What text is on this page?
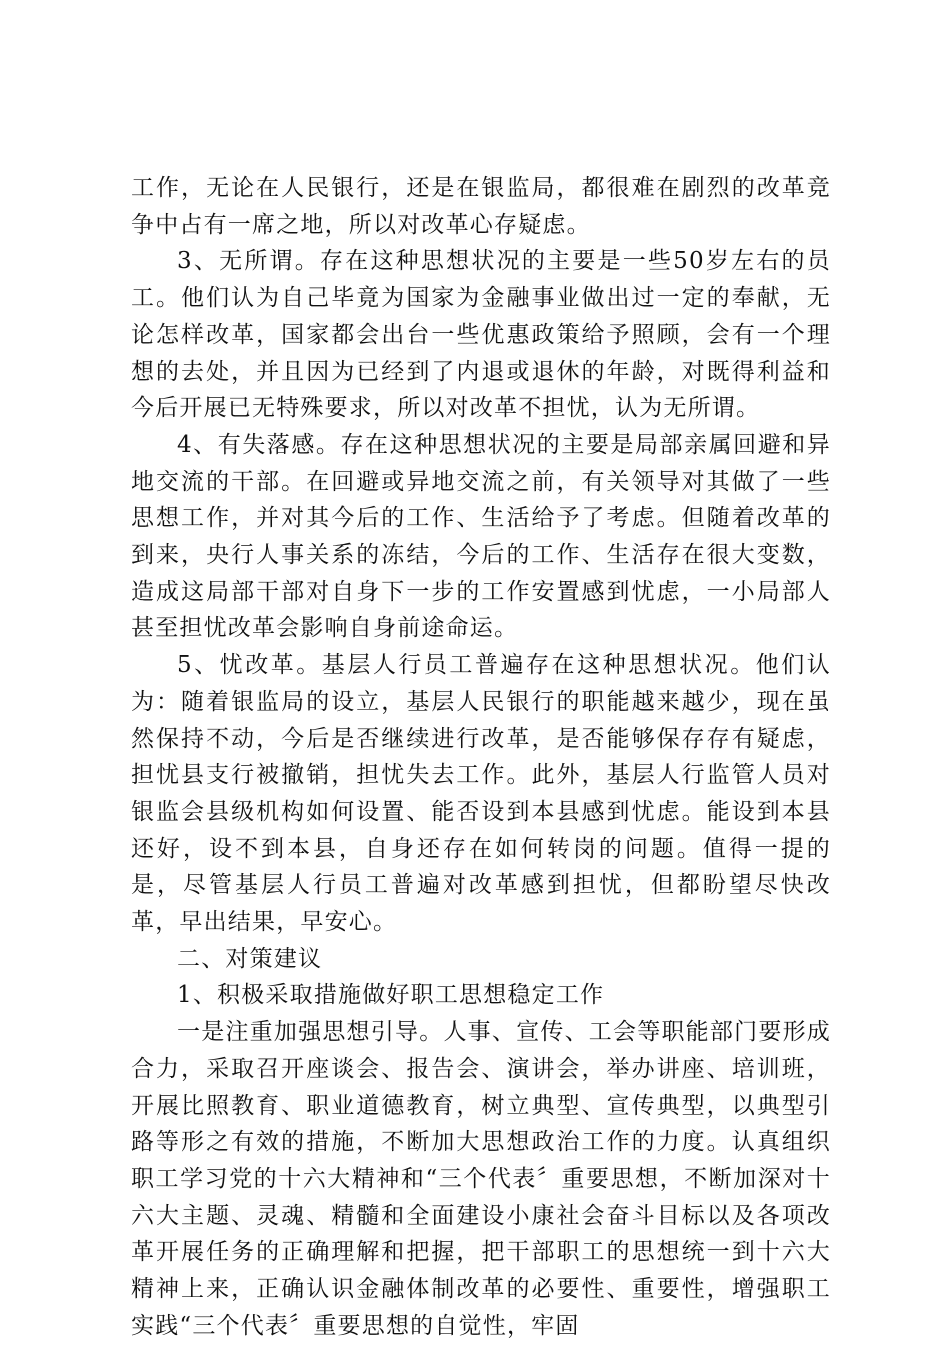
工作，无论在人民银行，还是在银监局，都很难在剧烈的改革竞争中占有一席之地，所以对改革心存疑虑。

3、无所谓。存在这种思想状况的主要是一些50岁左右的员工。他们认为自己毕竟为国家为金融事业做出过一定的奉献，无论怎样改革，国家都会出台一些优惠政策给予照顾，会有一个理想的去处，并且因为已经到了内退或退休的年龄，对既得利益和今后开展已无特殊要求，所以对改革不担忧，认为无所谓。

4、有失落感。存在这种思想状况的主要是局部亲属回避和异地交流的干部。在回避或异地交流之前，有关领导对其做了一些思想工作，并对其今后的工作、生活给予了考虑。但随着改革的到来，央行人事关系的冻结，今后的工作、生活存在很大变数，造成这局部干部对自身下一步的工作安置感到忧虑，一小局部人甚至担忧改革会影响自身前途命运。

5、忧改革。基层人行员工普遍存在这种思想状况。他们认为：随着银监局的设立，基层人民银行的职能越来越少，现在虽然保持不动，今后是否继续进行改革，是否能够保存存有疑虑，担忧县支行被撤销，担忧失去工作。此外，基层人行监管人员对银监会县级机构如何设置、能否设到本县感到忧虑。能设到本县还好，设不到本县，自身还存在如何转岗的问题。值得一提的是，尽管基层人行员工普遍对改革感到担忧，但都盼望尽快改革，早出结果，早安心。

二、对策建议

1、积极采取措施做好职工思想稳定工作

一是注重加强思想引导。人事、宣传、工会等职能部门要形成合力，采取召开座谈会、报告会、演讲会，举办讲座、培训班，开展比照教育、职业道德教育，树立典型、宣传典型，以典型引路等形之有效的措施，不断加大思想政治工作的力度。认真组织职工学习党的十六大精神和“三个代表〞重要思想，不断加深对十六大主题、灵魂、精髓和全面建设小康社会奋斗目标以及各项改革开展任务的正确理解和把握，把干部职工的思想统一到十六大精神上来，正确认识金融体制改革的必要性、重要性，增强职工实践“三个代表〞重要思想的自觉性，牢固
